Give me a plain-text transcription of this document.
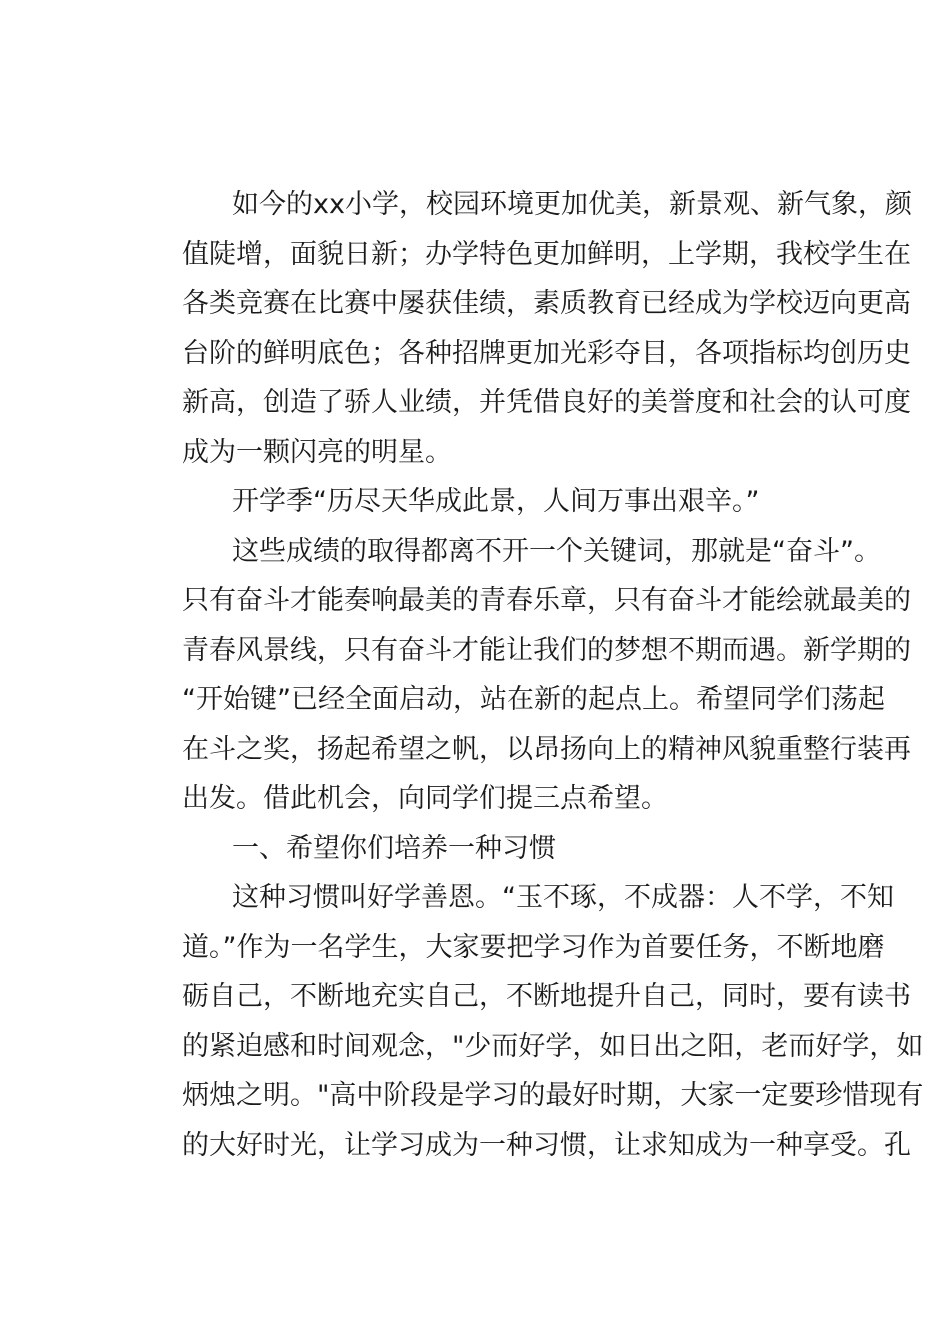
如今的xx小学，校园环境更加优美，新景观、新气象，颜
值陡增，面貌日新；办学特色更加鲜明，上学期，我校学生在
各类竞赛在比赛中屡获佳绩，素质教育已经成为学校迈向更高
台阶的鲜明底色；各种招牌更加光彩夺目，各项指标均创历史
新高，创造了骄人业绩，并凭借良好的美誉度和社会的认可度
成为一颗闪亮的明星。
开学季“历尽天华成此景，人间万事出艰辛。”
这些成绩的取得都离不开一个关键词，那就是“奋斗”。
只有奋斗才能奏响最美的青春乐章，只有奋斗才能绘就最美的
青春风景线，只有奋斗才能让我们的梦想不期而遇。新学期的
“开始键”已经全面启动，站在新的起点上。希望同学们荡起
在斗之奖，扬起希望之帆，以昂扬向上的精神风貌重整行装再
出发。借此机会，向同学们提三点希望。
一、希望你们培养一种习惯
这种习惯叫好学善恩。“玉不琢，不成器：人不学，不知
道。”作为一名学生，大家要把学习作为首要任务，不断地磨
砺自己，不断地充实自己，不断地提升自己，同时，要有读书
的紧迫感和时间观念，"少而好学，如日出之阳，老而好学，如
炳烛之明。"高中阶段是学习的最好时期，大家一定要珍惜现有
的大好时光，让学习成为一种习惯，让求知成为一种享受。孔
